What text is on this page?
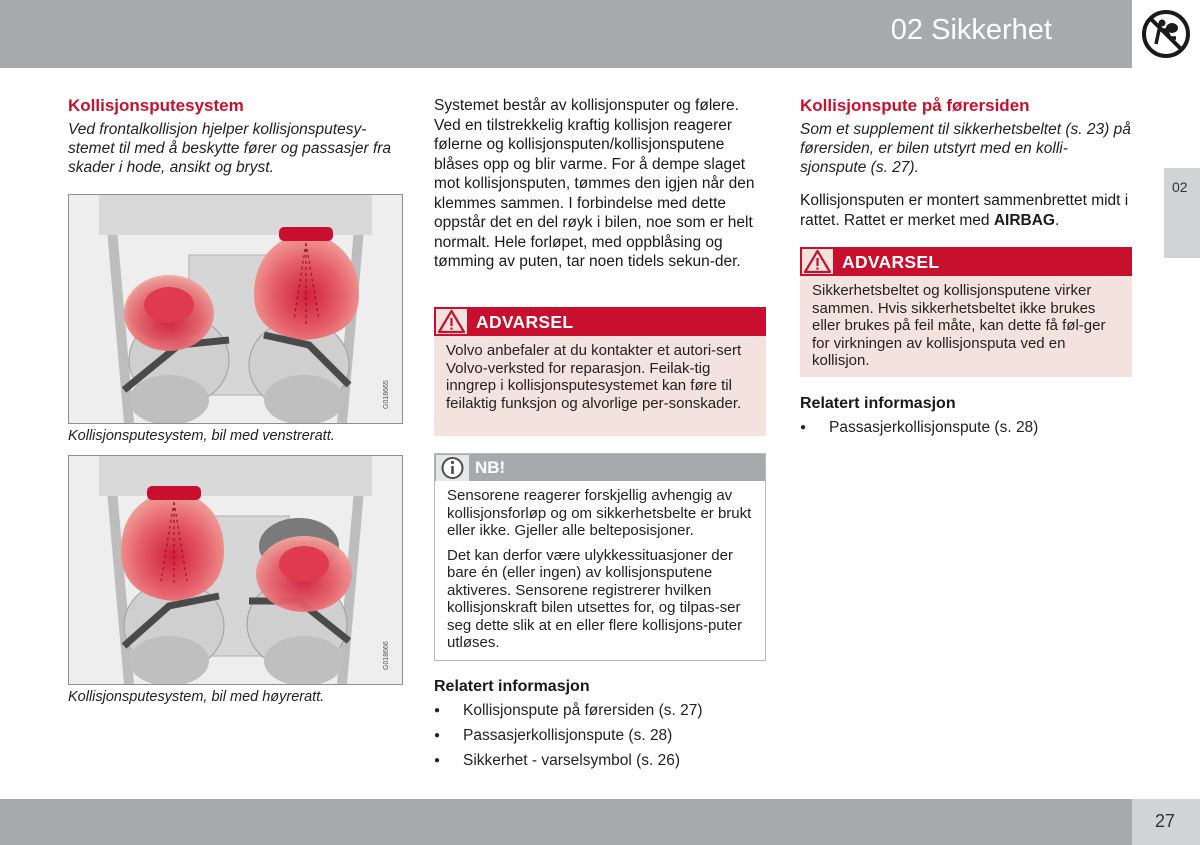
02 Sikkerhet
02
Kollisjonsputesystem

Ved frontalkollisjon hjelper kollisjonsputesy-stemet til med å beskytte fører og passasjer fra skader i hode, ansikt og bryst.

G018665
Kollisjonsputesystem, bil med venstreratt.
G018666
Kollisjonsputesystem, bil med høyreratt.

Systemet består av kollisjonsputer og følere. Ved en tilstrekkelig kraftig kollisjon reagerer følerne og kollisjonsputen/kollisjonsputene blåses opp og blir varme. For å dempe slaget mot kollisjonsputen, tømmes den igjen når den klemmes sammen. I forbindelse med dette oppstår det en del røyk i bilen, noe som er helt normalt. Hele forløpet, med oppblåsing og tømming av puten, tar noen tidels sekun-der.

ADVARSEL
Volvo anbefaler at du kontakter et autori-sert Volvo-verksted for reparasjon. Feilak-tig inngrep i kollisjonsputesystemet kan føre til feilaktig funksjon og alvorlige per-sonskader.
NB!

Sensorene reagerer forskjellig avhengig av kollisjonsforløp og om sikkerhetsbelte er brukt eller ikke. Gjeller alle belteposisjoner.

Det kan derfor være ulykkessituasjoner der bare én (eller ingen) av kollisjonsputene aktiveres. Sensorene registrerer hvilken kollisjonskraft bilen utsettes for, og tilpas-ser seg dette slik at en eller flere kollisjons-puter utløses.

Relatert informasjon
● Kollisjonspute på førersiden (s. 27)
● Passasjerkollisjonspute (s. 28)
● Sikkerhet - varselsymbol (s. 26)
Kollisjonspute på førersiden

Som et supplement til sikkerhetsbeltet (s. 23) på førersiden, er bilen utstyrt med en kolli-sjonspute (s. 27).

Kollisjonsputen er montert sammenbrettet midt i rattet. Rattet er merket med AIRBAG.

ADVARSEL
Sikkerhetsbeltet og kollisjonsputene virker sammen. Hvis sikkerhetsbeltet ikke brukes eller brukes på feil måte, kan dette få føl-ger for virkningen av kollisjonsputa ved en kollisjon.
Relatert informasjon
● Passasjerkollisjonspute (s. 28)
27
